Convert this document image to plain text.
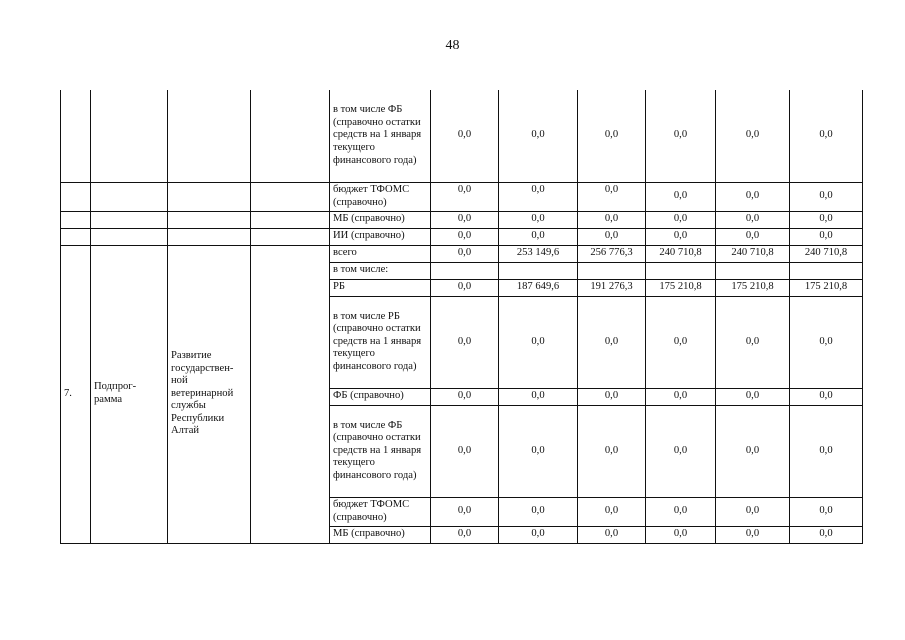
48
				в том числе ФБ (справочно остатки средств на 1 января текущего финансового года)	0,0	0,0	0,0	0,0	0,0	0,0
				бюджет ТФОМС (справочно)	0,0	0,0	0,0	0,0	0,0	0,0
				МБ (справочно)	0,0	0,0	0,0	0,0	0,0	0,0
				ИИ (справочно)	0,0	0,0	0,0	0,0	0,0	0,0
7.	Подпрог-рамма	Развитие государствен-ной ветеринарной службы Республики Алтай		всего	0,0	253 149,6	256 776,3	240 710,8	240 710,8	240 710,8
				в том числе:						
				РБ	0,0	187 649,6	191 276,3	175 210,8	175 210,8	175 210,8
				в том числе РБ (справочно остатки средств на 1 января текущего финансового года)	0,0	0,0	0,0	0,0	0,0	0,0
				ФБ (справочно)	0,0	0,0	0,0	0,0	0,0	0,0
				в том числе ФБ (справочно остатки средств на 1 января текущего финансового года)	0,0	0,0	0,0	0,0	0,0	0,0
				бюджет ТФОМС (справочно)	0,0	0,0	0,0	0,0	0,0	0,0
				МБ (справочно)	0,0	0,0	0,0	0,0	0,0	0,0
